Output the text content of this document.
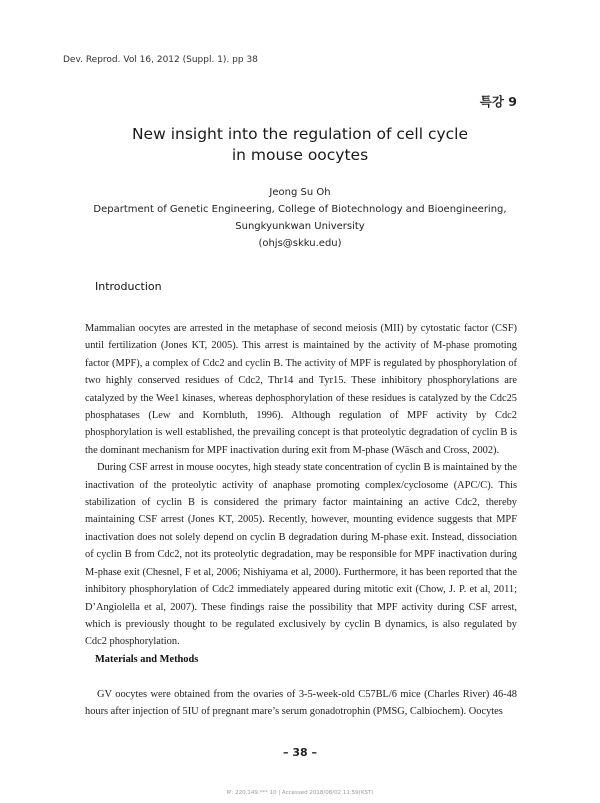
Dev. Reprod. Vol 16, 2012 (Suppl. 1). pp 38
특강 9
New insight into the regulation of cell cycle
in mouse oocytes
Jeong Su Oh
Department of Genetic Engineering, College of Biotechnology and Bioengineering,
Sungkyunkwan University
(ohjs@skku.edu)
Introduction

Mammalian oocytes are arrested in the metaphase of second meiosis (MII) by cytostatic factor (CSF) until fertilization (Jones KT, 2005). This arrest is maintained by the activity of M-phase promoting factor (MPF), a complex of Cdc2 and cyclin B. The activity of MPF is regulated by phosphorylation of two highly conserved residues of Cdc2, Thr14 and Tyr15. These inhibitory phosphorylations are catalyzed by the Wee1 kinases, whereas dephosphorylation of these residues is catalyzed by the Cdc25 phosphatases (Lew and Kornbluth, 1996). Although regulation of MPF activity by Cdc2 phosphorylation is well established, the prevailing concept is that proteolytic degradation of cyclin B is the dominant mechanism for MPF inactivation during exit from M-phase (Wäsch and Cross, 2002).

During CSF arrest in mouse oocytes, high steady state concentration of cyclin B is maintained by the inactivation of the proteolytic activity of anaphase promoting complex/cyclosome (APC/C). This stabilization of cyclin B is considered the primary factor maintaining an active Cdc2, thereby maintaining CSF arrest (Jones KT, 2005). Recently, however, mounting evidence suggests that MPF inactivation does not solely depend on cyclin B degradation during M-phase exit. Instead, dissociation of cyclin B from Cdc2, not its proteolytic degradation, may be responsible for MPF inactivation during M-phase exit (Chesnel, F et al, 2006; Nishiyama et al, 2000). Furthermore, it has been reported that the inhibitory phosphorylation of Cdc2 immediately appeared during mitotic exit (Chow, J. P. et al, 2011; D’Angiolella et al, 2007). These findings raise the possibility that MPF activity during CSF arrest, which is previously thought to be regulated exclusively by cyclin B dynamics, is also regulated by Cdc2 phosphorylation.

Materials and Methods

GV oocytes were obtained from the ovaries of 3-5-week-old C57BL/6 mice (Charles River) 46-48 hours after injection of 5IU of pregnant mare’s serum gonadotrophin (PMSG, Calbiochem). Oocytes

– 38 –
IP: 220.149.*** 10 | Accessed 2018/08/02 11:59(KST)
